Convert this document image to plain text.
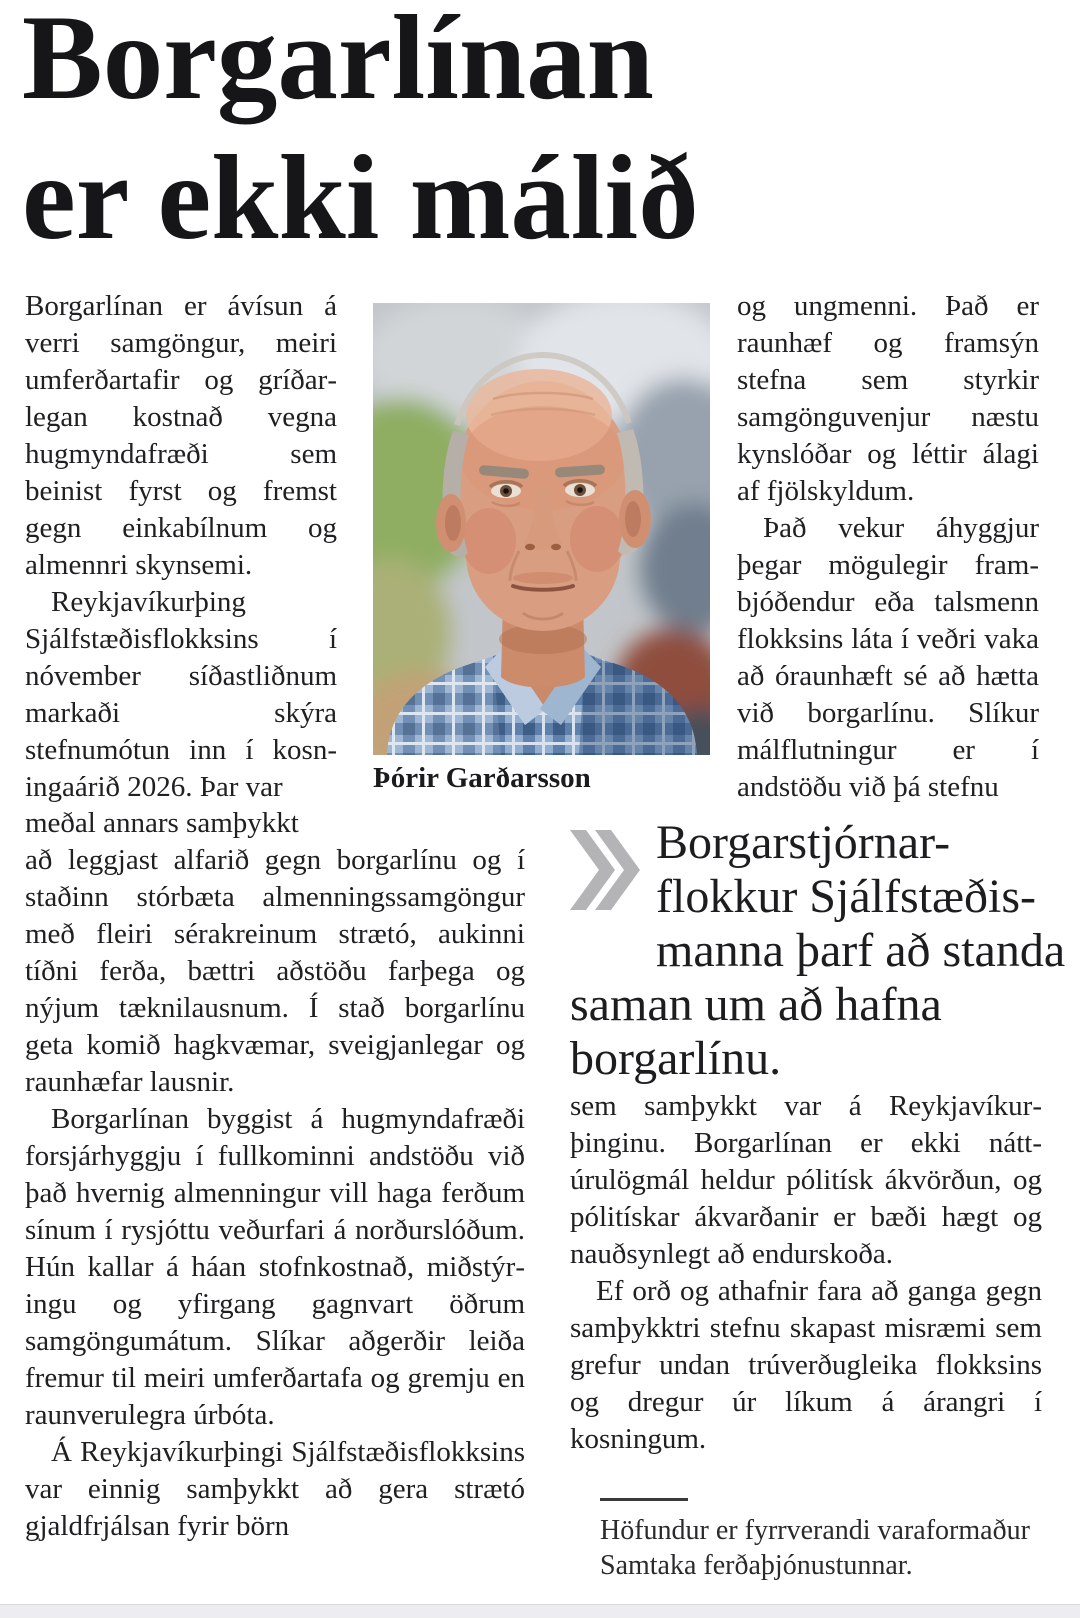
Borgarlínan
er ekki málið

Borgarlínan er ávísun á verri samgöngur, meiri umferðartafir og gríðarlegan kostnað vegna hugmyndafræði sem beinist fyrst og fremst gegn einkabílnum og almennri skynsemi.

Reykjavíkurþing Sjálfstæðisflokksins í nóvember síðastliðnum markaði skýra stefnumótun inn í kosningaárið 2026. Þar var	Þórir Garðarsson

og ungmenni. Það er raunhæf og framsýn stefna sem styrkir samgönguvenjur næstu kynslóðar og léttir álagi af fjölskyldum.

Það vekur áhyggjur þegar mögulegir frambjóðendur eða talsmenn flokksins láta í veðri vaka að óraunhæft sé að hætta við borgarlínu. Slíkur málflutningur er í andstöðu við þá stefnu

meðal annars samþykkt

að leggjast alfarið gegn borgarlínu og í staðinn stórbæta almenningssamgöngur með fleiri sérakreinum strætó, aukinni tíðni ferða, bættri aðstöðu farþega og nýjum tæknilausnum. Í stað borgarlínu geta komið hagkvæmar, sveigjanlegar og raunhæfar lausnir.

Borgarlínan byggist á hugmyndafræði forsjárhyggju í fullkominni andstöðu við það hvernig almenningur vill haga ferðum sínum í rysjóttu veðurfari á norðurslóðum. Hún kallar á háan stofnkostnað, miðstýringu og yfirgang gagnvart öðrum samgöngumátum. Slíkar aðgerðir leiða fremur til meiri umferðartafa og gremju en raunverulegra úrbóta.

Á Reykjavíkurþingi Sjálfstæðisflokksins var einnig samþykkt að gera strætó gjaldfrjálsan fyrir börn

Borgarstjórnar-
flokkur Sjálfstæðis-
manna þarf að standa
saman um að hafna
borgarlínu.

sem samþykkt var á Reykjavíkurþinginu. Borgarlínan er ekki náttúrulögmál heldur pólitísk ákvörðun, og pólitískar ákvarðanir er bæði hægt og nauðsynlegt að endurskoða.

Ef orð og athafnir fara að ganga gegn samþykktri stefnu skapast misræmi sem grefur undan trúverðugleika flokksins og dregur úr líkum á árangri í kosningum.

Höfundur er fyrrverandi varaformaður Samtaka ferðaþjónustunnar.
